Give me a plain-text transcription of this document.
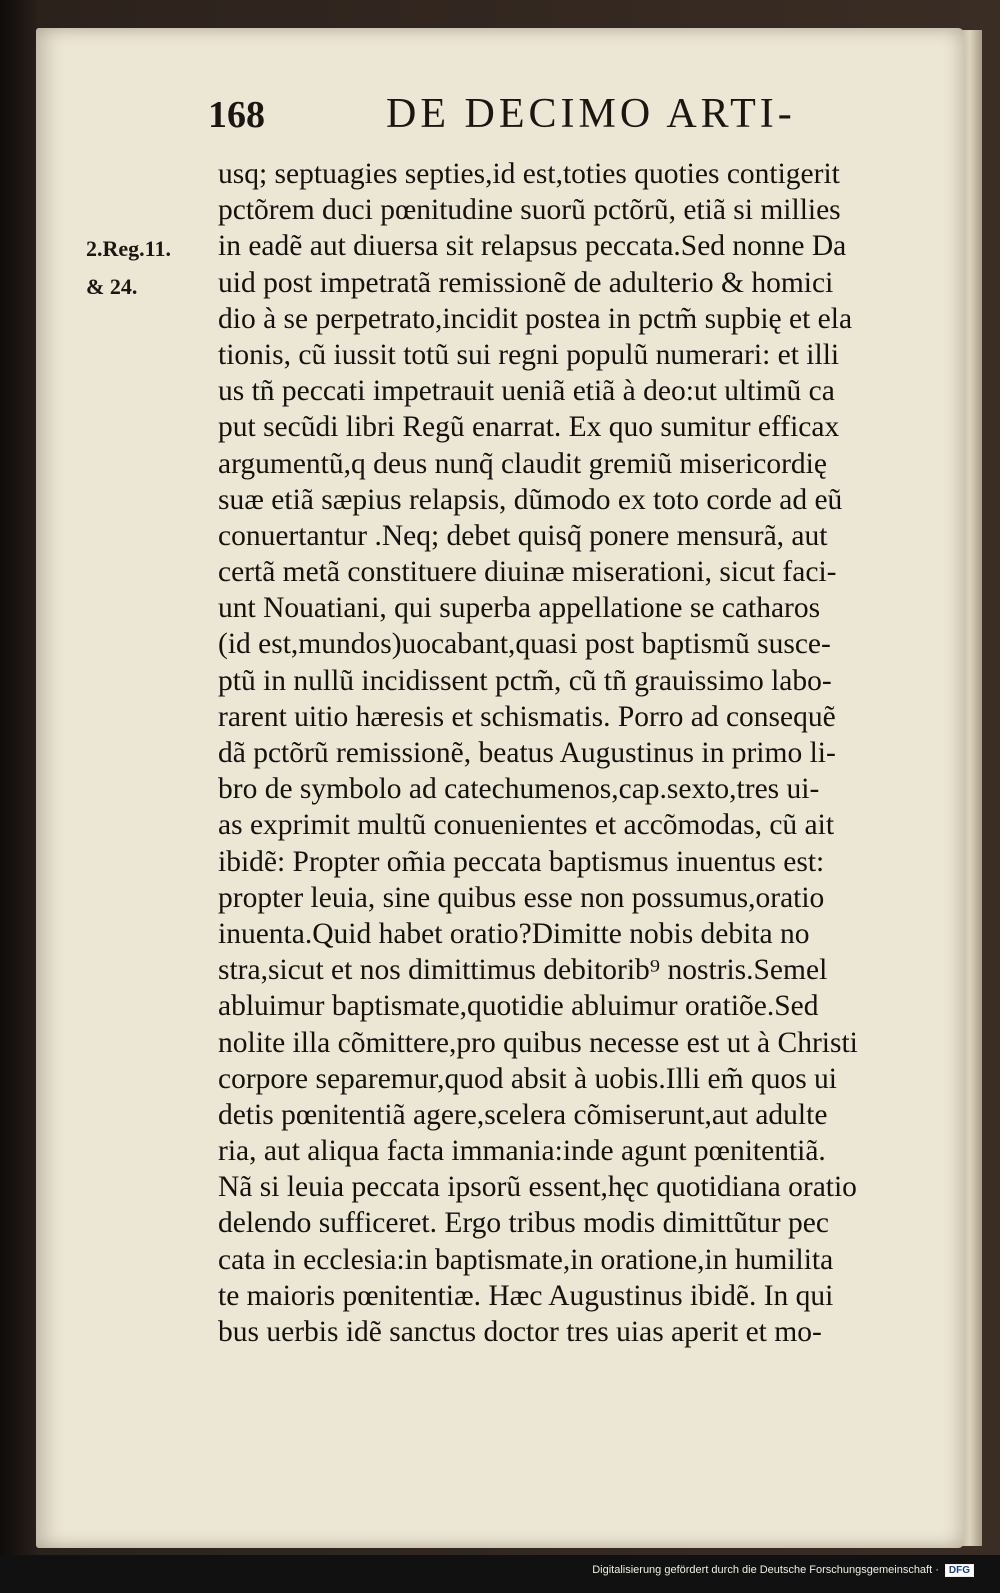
168	DE DECIMO ARTI-
2.Reg.11.
& 24.
usq; septuagies septies,id est,toties quoties contigerit
pctõrem duci pœnitudine suorũ pctõrũ, etiã si millies
in eadẽ aut diuersa sit relapsus peccata.Sed nonne Da
uid post impetratã remissionẽ de adulterio & homici
dio à se perpetrato,incidit postea in pctm̃ supbię et ela
tionis, cũ iussit totũ sui regni populũ numerari: et illi
us tñ peccati impetrauit ueniã etiã à deo:ut ultimũ ca
put secũdi libri Regũ enarrat. Ex quo sumitur efficax
argumentũ,q deus nunq̃ claudit gremiũ misericordię
suæ etiã sæpius relapsis, dũmodo ex toto corde ad eũ
conuertantur .Neq; debet quisq̃ ponere mensurã, aut
certã metã constituere diuinæ miserationi, sicut faci-
unt Nouatiani, qui superba appellatione se catharos
(id est,mundos)uocabant,quasi post baptismũ susce-
ptũ in nullũ incidissent pctm̃, cũ tñ grauissimo labo-
rarent uitio hæresis et schismatis. Porro ad consequẽ
dã pctõrũ remissionẽ, beatus Augustinus in primo li-
bro de symbolo ad catechumenos,cap.sexto,tres ui-
as exprimit multũ conuenientes et accõmodas, cũ ait
ibidẽ: Propter om̃ia peccata baptismus inuentus est:
propter leuia, sine quibus esse non possumus,oratio
inuenta.Quid habet oratio?Dimitte nobis debita no
stra,sicut et nos dimittimus debitorib⁹ nostris.Semel
abluimur baptismate,quotidie abluimur oratiõe.Sed
nolite illa cõmittere,pro quibus necesse est ut à Christi
corpore separemur,quod absit à uobis.Illi em̃ quos ui
detis pœnitentiã agere,scelera cõmiserunt,aut adulte
ria, aut aliqua facta immania:inde agunt pœnitentiã.
Nã si leuia peccata ipsorũ essent,hęc quotidiana oratio
delendo sufficeret. Ergo tribus modis dimittũtur pec
cata in ecclesia:in baptismate,in oratione,in humilita
te maioris pœnitentiæ. Hæc Augustinus ibidẽ. In qui
bus uerbis idẽ sanctus doctor tres uias aperit et mo-
Digitalisierung gefördert durch die Deutsche Forschungsgemeinschaft ·	DFG
